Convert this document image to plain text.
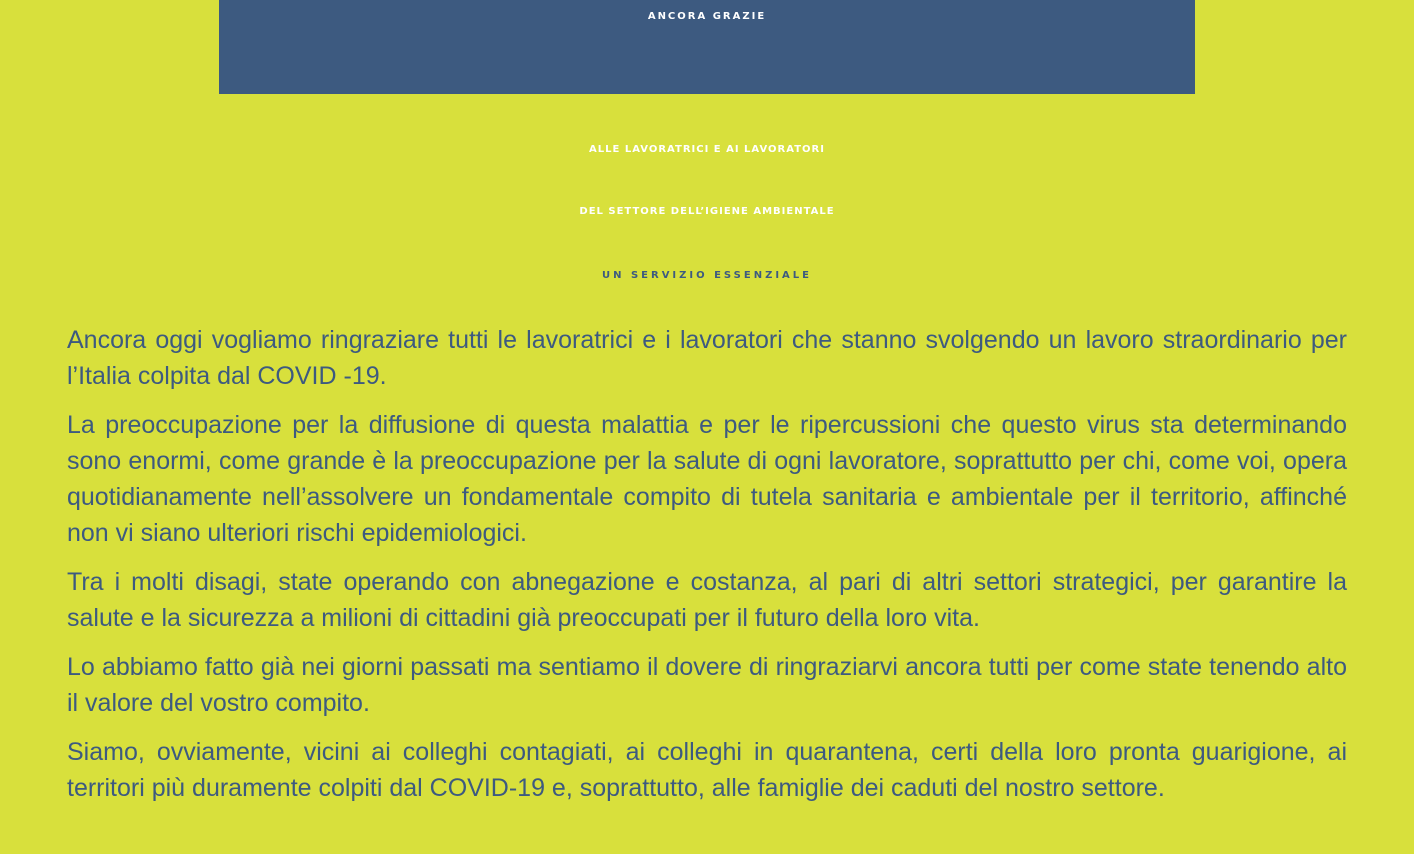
ANCORA GRAZIE
ALLE LAVORATRICI E AI LAVORATORI
DEL SETTORE DELL’IGIENE AMBIENTALE
UN SERVIZIO ESSENZIALE

Ancora oggi vogliamo ringraziare tutti le lavoratrici e i lavoratori che stanno svolgendo un lavoro straordinario per l’Italia colpita dal COVID -19.

La preoccupazione per la diffusione di questa malattia e per le ripercussioni che questo virus sta determinando sono enormi, come grande è la preoccupazione per la salute di ogni lavoratore, soprattutto per chi, come voi, opera quotidianamente nell’assolvere un fondamentale compito di tutela sanitaria e ambientale per il territorio, affinché non vi siano ulteriori rischi epidemiologici.

Tra i molti disagi, state operando con abnegazione e costanza, al pari di altri settori strategici, per garantire la salute e la sicurezza a milioni di cittadini già preoccupati per il futuro della loro vita.

Lo abbiamo fatto già nei giorni passati ma sentiamo il dovere di ringraziarvi ancora tutti per come state tenendo alto il valore del vostro compito.

Siamo, ovviamente, vicini ai colleghi contagiati, ai colleghi in quarantena, certi della loro pronta guarigione, ai territori più duramente colpiti dal COVID-19 e, soprattutto, alle famiglie dei caduti del nostro settore.
